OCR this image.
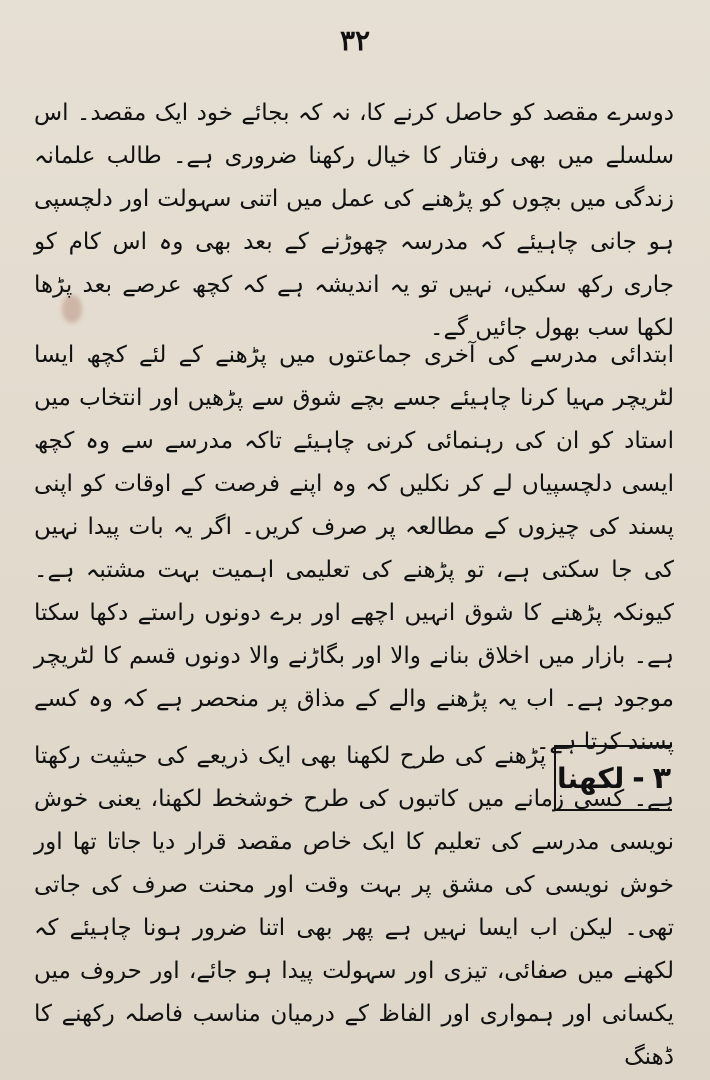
۳۲

دوسرے مقصد کو حاصل کرنے کا، نہ کہ بجائے خود ایک مقصد۔ اس سلسلے میں بھی رفتار کا خیال رکھنا ضروری ہے۔ طالب علمانہ زندگی میں بچوں کو پڑھنے کی عمل میں اتنی سہولت اور دلچسپی ہو جانی چاہیئے کہ مدرسہ چھوڑنے کے بعد بھی وہ اس کام کو جاری رکھ سکیں، نہیں تو یہ اندیشہ ہے کہ کچھ عرصے بعد پڑھا لکھا سب بھول جائیں گے۔

ابتدائی مدرسے کی آخری جماعتوں میں پڑھنے کے لئے کچھ ایسا لٹریچر مہیا کرنا چاہیئے جسے بچے شوق سے پڑھیں اور انتخاب میں استاد کو ان کی رہنمائی کرنی چاہیئے تاکہ مدرسے سے وہ کچھ ایسی دلچسپیاں لے کر نکلیں کہ وہ اپنے فرصت کے اوقات کو اپنی پسند کی چیزوں کے مطالعہ پر صرف کریں۔ اگر یہ بات پیدا نہیں کی جا سکتی ہے، تو پڑھنے کی تعلیمی اہمیت بہت مشتبہ ہے۔ کیونکہ پڑھنے کا شوق انہیں اچھے اور برے دونوں راستے دکھا سکتا ہے۔ بازار میں اخلاق بنانے والا اور بگاڑنے والا دونوں قسم کا لٹریچر موجود ہے۔ اب یہ پڑھنے والے کے مذاق پر منحصر ہے کہ وہ کسے پسند کرتا ہے۔

۳
-
لکھنا

پڑھنے کی طرح لکھنا بھی ایک ذریعے کی حیثیت رکھتا ہے۔ کسی زمانے میں کاتبوں کی طرح خوشخط لکھنا، یعنی خوش نویسی مدرسے کی تعلیم کا ایک خاص مقصد قرار دیا جاتا تھا اور خوش نویسی کی مشق پر بہت وقت اور محنت صرف کی جاتی تھی۔ لیکن اب ایسا نہیں ہے پھر بھی اتنا ضرور ہونا چاہیئے کہ لکھنے میں صفائی، تیزی اور سہولت پیدا ہو جائے، اور حروف میں یکسانی اور ہمواری اور الفاظ کے درمیان مناسب فاصلہ رکھنے کا ڈھنگ
